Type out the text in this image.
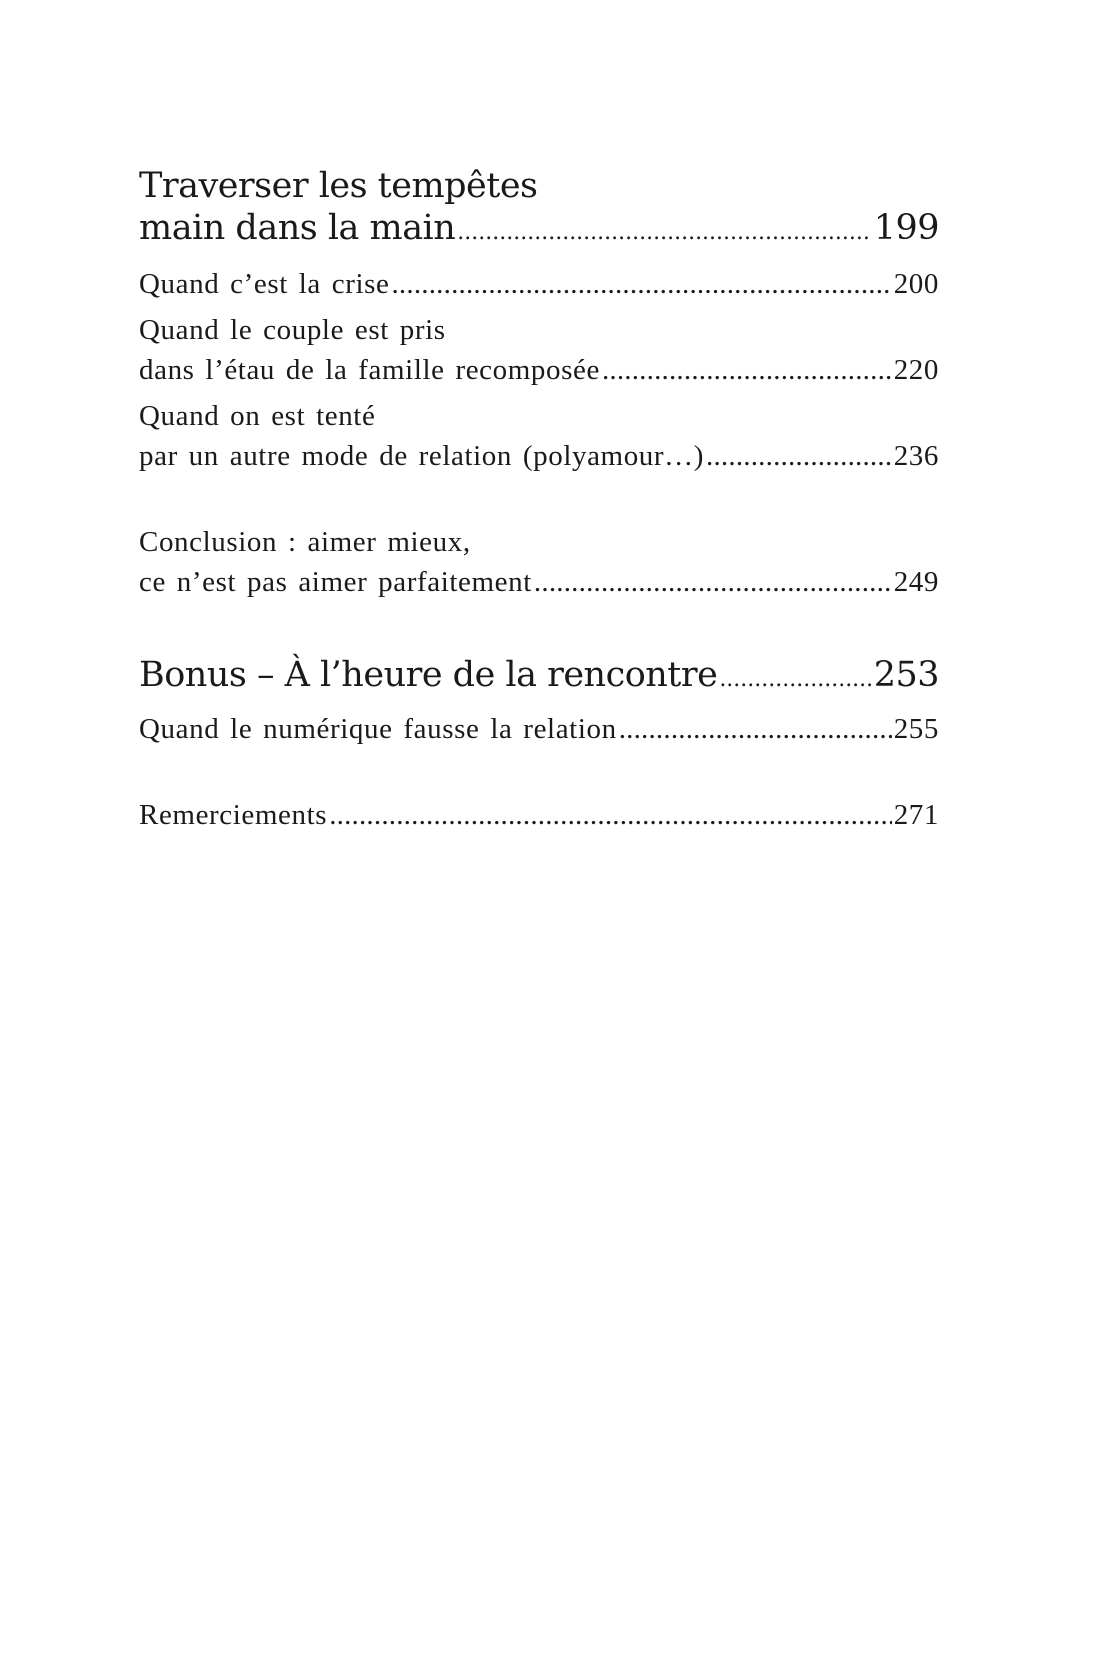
Traverser les tempêtes
main dans la main .....	199
Quand c’est la crise .....	200
Quand le couple est pris
dans l’étau de la famille recomposée .....	220
Quand on est tenté
par un autre mode de relation (polyamour…) .....	236
Conclusion : aimer mieux,
ce n’est pas aimer parfaitement .....	249
Bonus – À l’heure de la rencontre .....	253
Quand le numérique fausse la relation .....	255
Remerciements .....	271
